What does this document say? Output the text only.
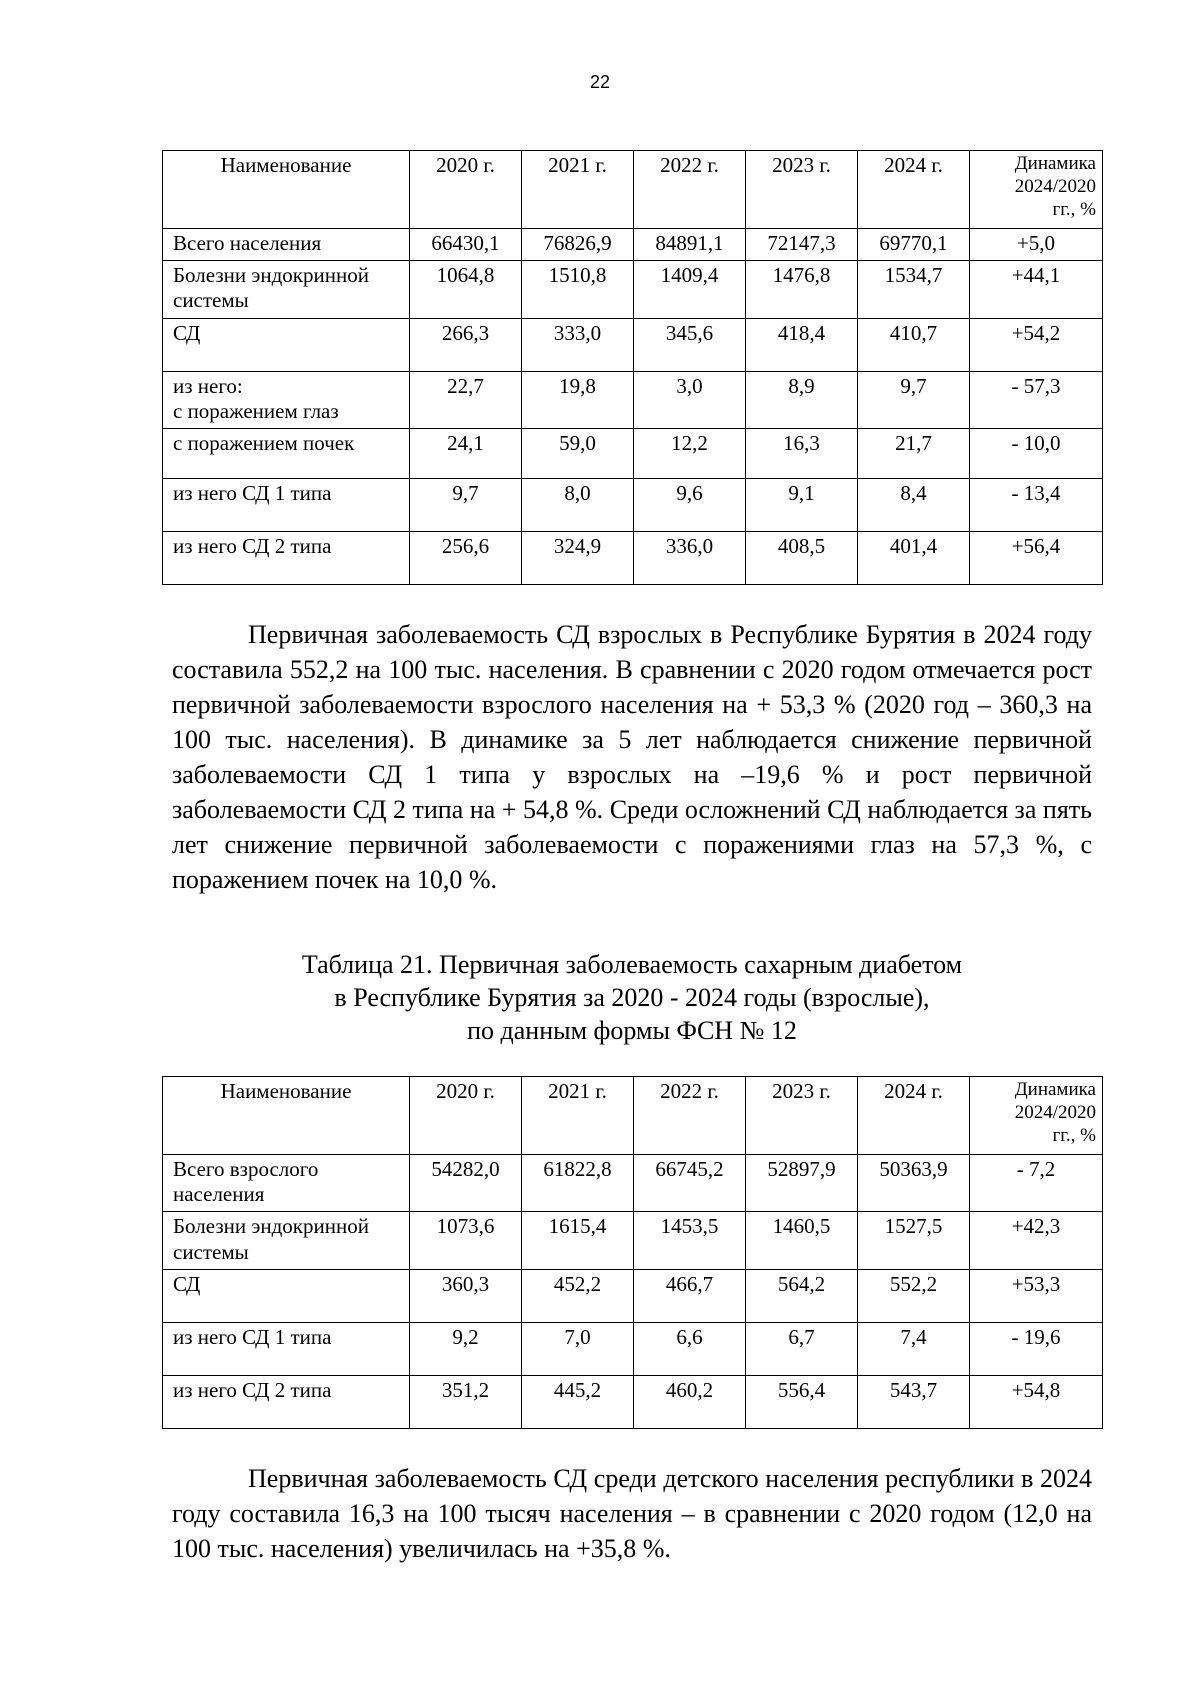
22
Наименование	2020 г.	2021 г.	2022 г.	2023 г.	2024 г.	Динамика
2024/2020
гг., %

Всего населения	66430,1	76826,9	84891,1	72147,3	69770,1	+5,0

Болезни эндокринной
системы	1064,8	1510,8	1409,4	1476,8	1534,7	+44,1

СД	266,3	333,0	345,6	418,4	410,7	+54,2

из него:
с поражением глаз	22,7	19,8	3,0	8,9	9,7	- 57,3

с поражением почек	24,1	59,0	12,2	16,3	21,7	- 10,0

из него СД 1 типа	9,7	8,0	9,6	9,1	8,4	- 13,4

из него СД 2 типа	256,6	324,9	336,0	408,5	401,4	+56,4

Первичная заболеваемость СД взрослых в Республике Бурятия в 2024 году составила 552,2 на 100 тыс. населения. В сравнении с 2020 годом отмечается рост первичной заболеваемости взрослого населения на + 53,3 % (2020 год – 360,3 на 100 тыс. населения). В динамике за 5 лет наблюдается снижение первичной заболеваемости СД 1 типа у взрослых на –19,6 % и рост первичной заболеваемости СД 2 типа на + 54,8 %. Среди осложнений СД наблюдается за пять лет снижение первичной заболеваемости с поражениями глаз на 57,3 %, с поражением почек на 10,0 %.

Таблица 21. Первичная заболеваемость сахарным диабетом
в Республике Бурятия за 2020 - 2024 годы (взрослые),
по данным формы ФСН № 12
Наименование	2020 г.	2021 г.	2022 г.	2023 г.	2024 г.	Динамика
2024/2020
гг., %

Всего взрослого
населения	54282,0	61822,8	66745,2	52897,9	50363,9	- 7,2

Болезни эндокринной
системы	1073,6	1615,4	1453,5	1460,5	1527,5	+42,3

СД	360,3	452,2	466,7	564,2	552,2	+53,3

из него СД 1 типа	9,2	7,0	6,6	6,7	7,4	- 19,6

из него СД 2 типа	351,2	445,2	460,2	556,4	543,7	+54,8

Первичная заболеваемость СД среди детского населения республики в 2024 году составила 16,3 на 100 тысяч населения – в сравнении с 2020 годом (12,0 на 100 тыс. населения) увеличилась на +35,8 %.
